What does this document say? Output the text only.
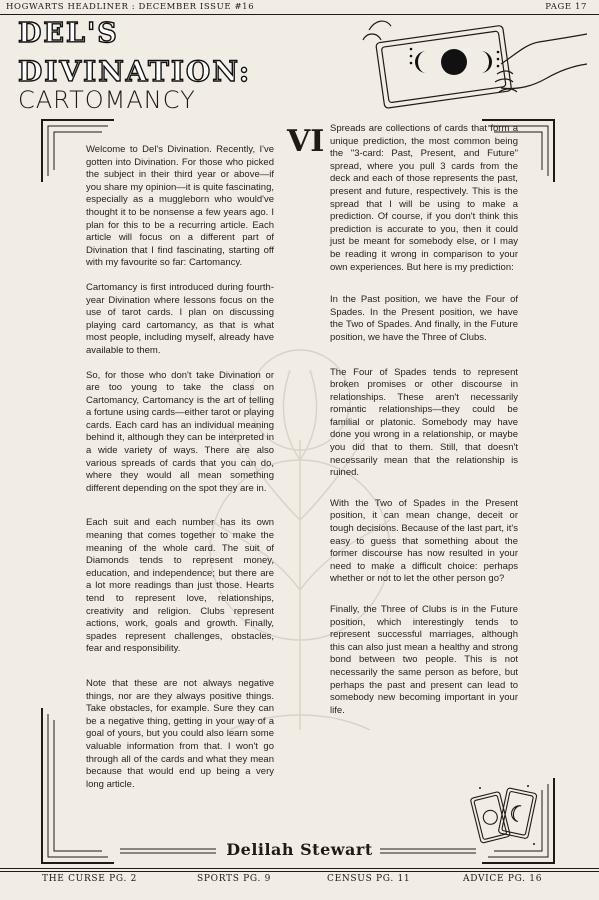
HOGWARTS HEADLINER : DECEMBER ISSUE #16	PAGE 17
DEL'S
DIVINATION:
CARTOMANCY
VI

Welcome to Del's Divination. Recently, I've gotten into Divination. For those who picked the subject in their third year or above—if you share my opinion—it is quite fascinating, especially as a muggleborn who would've thought it to be nonsense a few years ago. I plan for this to be a recurring article. Each article will focus on a different part of Divination that I find fascinating, starting off with my favourite so far: Cartomancy.

Cartomancy is first introduced during fourth-year Divination where lessons focus on the use of tarot cards. I plan on discussing playing card cartomancy, as that is what most people, including myself, already have available to them.

So, for those who don't take Divination or are too young to take the class on Cartomancy, Cartomancy is the art of telling a fortune using cards—either tarot or playing cards. Each card has an individual meaning behind it, although they can be interpreted in a wide variety of ways. There are also various spreads of cards that you can do, where they would all mean something different depending on the spot they are in.

Each suit and each number has its own meaning that comes together to make the meaning of the whole card. The suit of Diamonds tends to represent money, education, and independence; but there are a lot more readings than just those. Hearts tend to represent love, relationships, creativity and religion. Clubs represent actions, work, goals and growth. Finally, spades represent challenges, obstacles, fear and responsibility.

Note that these are not always negative things, nor are they always positive things. Take obstacles, for example. Sure they can be a negative thing, getting in your way of a goal of yours, but you could also learn some valuable information from that. I won't go through all of the cards and what they mean because that would end up being a very long article.

Spreads are collections of cards that form a unique prediction, the most common being the "3-card: Past, Present, and Future" spread, where you pull 3 cards from the deck and each of those represents the past, present and future, respectively. This is the spread that I will be using to make a prediction. Of course, if you don't think this prediction is accurate to you, then it could just be meant for somebody else, or I may be reading it wrong in comparison to your own experiences. But here is my prediction:

In the Past position, we have the Four of Spades. In the Present position, we have the Two of Spades. And finally, in the Future position, we have the Three of Clubs.

The Four of Spades tends to represent broken promises or other discourse in relationships. These aren't necessarily romantic relationships—they could be familial or platonic. Somebody may have done you wrong in a relationship, or maybe you did that to them. Still, that doesn't necessarily mean that the relationship is ruined.

With the Two of Spades in the Present position, it can mean change, deceit or tough decisions. Because of the last part, it's easy to guess that something about the former discourse has now resulted in your need to make a difficult choice: perhaps whether or not to let the other person go?

Finally, the Three of Clubs is in the Future position, which interestingly tends to represent successful marriages, although this can also just mean a healthy and strong bond between two people. This is not necessarily the same person as before, but perhaps the past and present can lead to somebody new becoming important in your life.

Delilah Stewart
THE CURSE PG. 2	SPORTS PG. 9	CENSUS PG. 11	ADVICE PG. 16
